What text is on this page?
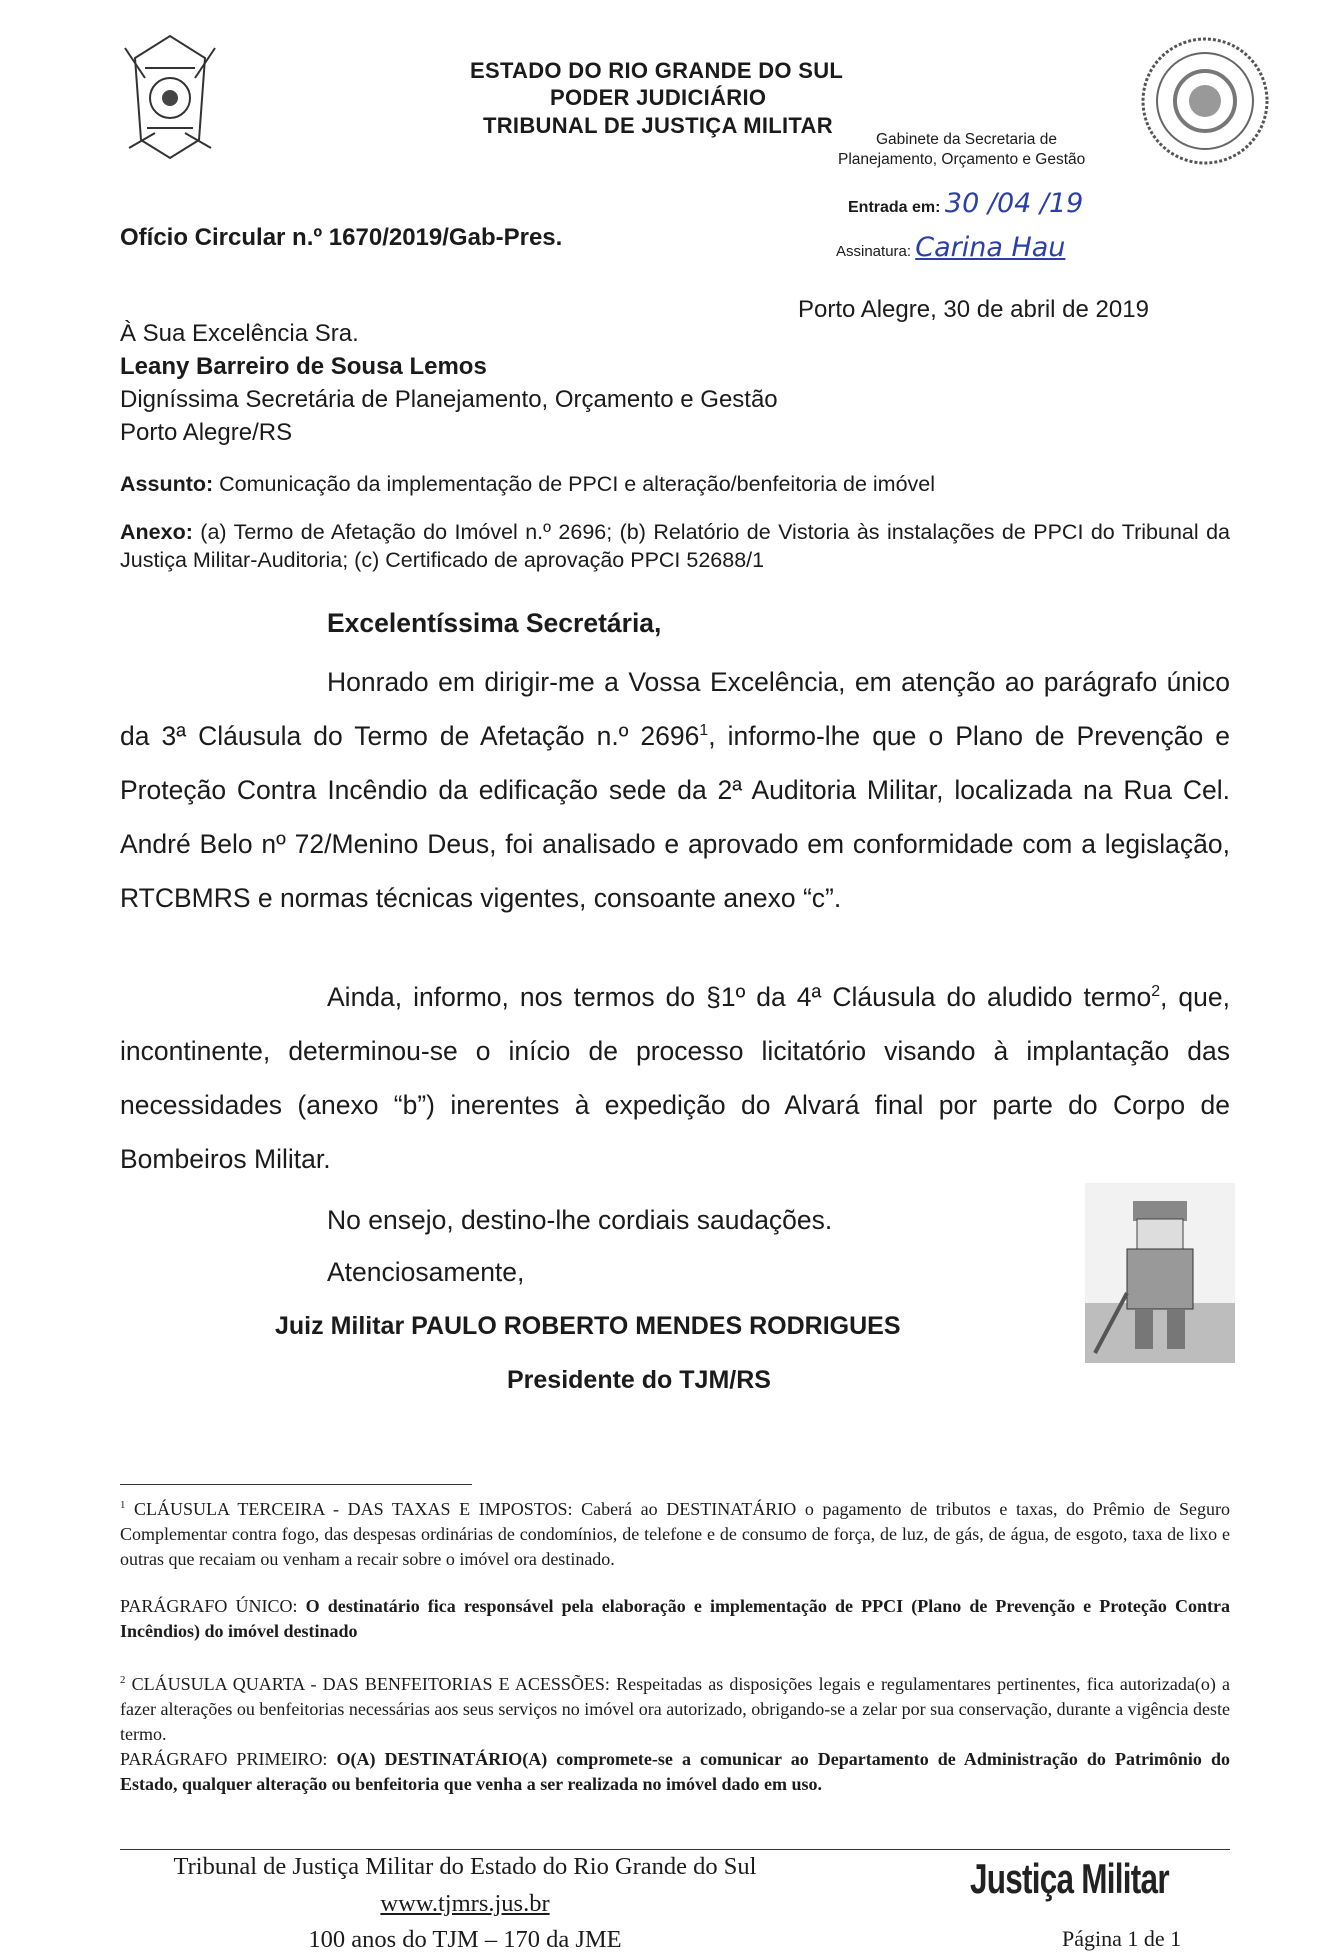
ESTADO DO RIO GRANDE DO SUL
PODER JUDICIÁRIO
TRIBUNAL DE JUSTIÇA MILITAR
Gabinete da Secretaria de
Planejamento, Orçamento e Gestão
Entrada em: 30 /04 /19
Assinatura: Carina Hau
Ofício Circular n.º 1670/2019/Gab-Pres.
Porto Alegre, 30 de abril de 2019
À Sua Excelência Sra.
Leany Barreiro de Sousa Lemos
Digníssima Secretária de Planejamento, Orçamento e Gestão
Porto Alegre/RS
Assunto: Comunicação da implementação de PPCI e alteração/benfeitoria de imóvel
Anexo: (a) Termo de Afetação do Imóvel n.º 2696; (b) Relatório de Vistoria às instalações de PPCI do Tribunal da Justiça Militar-Auditoria; (c) Certificado de aprovação PPCI 52688/1
Excelentíssima Secretária,
Honrado em dirigir-me a Vossa Excelência, em atenção ao parágrafo único da 3ª Cláusula do Termo de Afetação n.º 2696$^1$, informo-lhe que o Plano de Prevenção e Proteção Contra Incêndio da edificação sede da 2ª Auditoria Militar, localizada na Rua Cel. André Belo nº 72/Menino Deus, foi analisado e aprovado em conformidade com a legislação, RTCBMRS e normas técnicas vigentes, consoante anexo “c”.
Ainda, informo, nos termos do §1º da 4ª Cláusula do aludido termo$^2$, que, incontinente, determinou-se o início de processo licitatório visando à implantação das necessidades (anexo “b”) inerentes à expedição do Alvará final por parte do Corpo de Bombeiros Militar.
No ensejo, destino-lhe cordiais saudações.
Atenciosamente,
Juiz Militar PAULO ROBERTO MENDES RODRIGUES
Presidente do TJM/RS
$^1$ CLÁUSULA TERCEIRA - DAS TAXAS E IMPOSTOS: Caberá ao DESTINATÁRIO o pagamento de tributos e taxas, do Prêmio de Seguro Complementar contra fogo, das despesas ordinárias de condomínios, de telefone e de consumo de força, de luz, de gás, de água, de esgoto, taxa de lixo e outras que recaiam ou venham a recair sobre o imóvel ora destinado.
PARÁGRAFO ÚNICO: O destinatário fica responsável pela elaboração e implementação de PPCI (Plano de Prevenção e Proteção Contra Incêndios) do imóvel destinado
$^2$ CLÁUSULA QUARTA - DAS BENFEITORIAS E ACESSÕES: Respeitadas as disposições legais e regulamentares pertinentes, fica autorizada(o) a fazer alterações ou benfeitorias necessárias aos seus serviços no imóvel ora autorizado, obrigando-se a zelar por sua conservação, durante a vigência deste termo.
PARÁGRAFO PRIMEIRO: O(A) DESTINATÁRIO(A) compromete-se a comunicar ao Departamento de Administração do Patrimônio do Estado, qualquer alteração ou benfeitoria que venha a ser realizada no imóvel dado em uso.
Tribunal de Justiça Militar do Estado do Rio Grande do Sul
www.tjmrs.jus.br
100 anos do TJM – 170 da JME
Justiça Militar
Página 1 de 1
